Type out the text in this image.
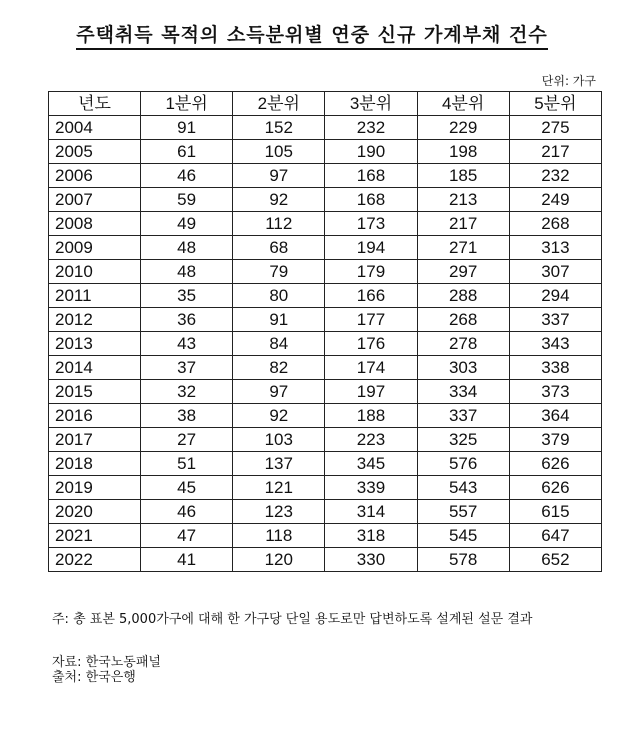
주택취득 목적의 소득분위별 연중 신규 가계부채 건수
단위: 가구
년도	1분위	2분위	3분위	4분위	5분위
2004	91	152	232	229	275
2005	61	105	190	198	217
2006	46	97	168	185	232
2007	59	92	168	213	249
2008	49	112	173	217	268
2009	48	68	194	271	313
2010	48	79	179	297	307
2011	35	80	166	288	294
2012	36	91	177	268	337
2013	43	84	176	278	343
2014	37	82	174	303	338
2015	32	97	197	334	373
2016	38	92	188	337	364
2017	27	103	223	325	379
2018	51	137	345	576	626
2019	45	121	339	543	626
2020	46	123	314	557	615
2021	47	118	318	545	647
2022	41	120	330	578	652
주: 총 표본 5,000가구에 대해 한 가구당 단일 용도로만 답변하도록 설계된 설문 결과
자료: 한국노동패널
출처: 한국은행
